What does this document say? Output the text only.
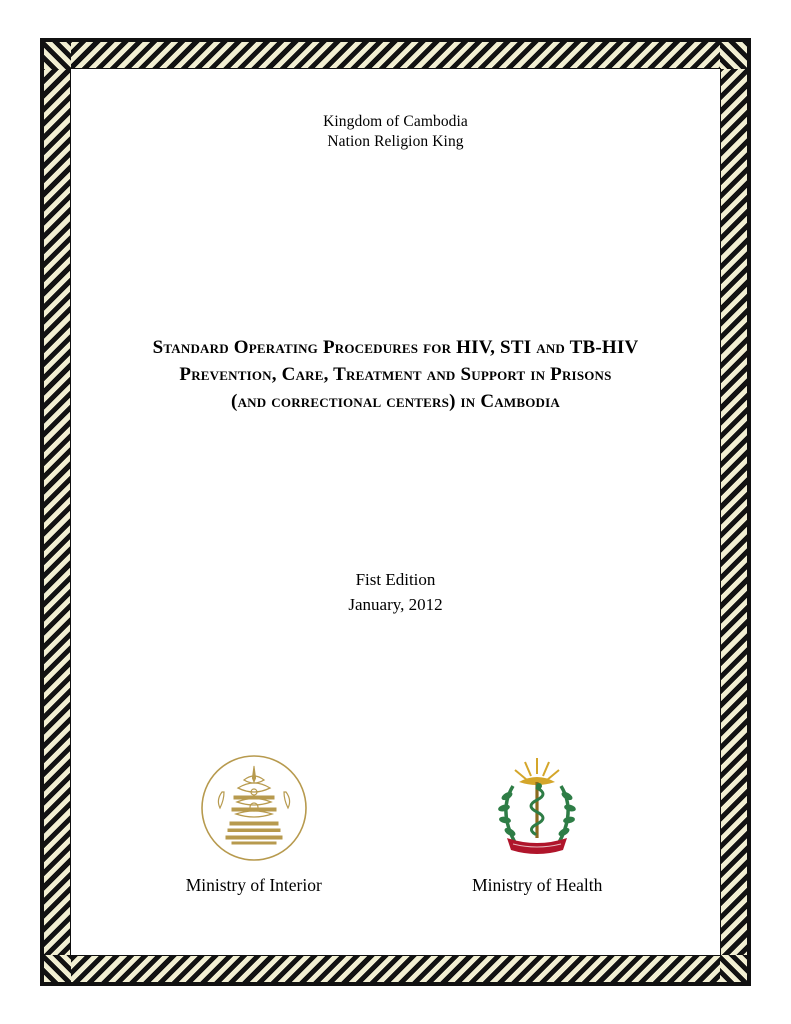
Kingdom of Cambodia
Nation Religion King
Standard Operating Procedures for HIV, STI and TB-HIV
Prevention, Care, Treatment and Support in Prisons
(and correctional centers) in Cambodia
Fist Edition
January, 2012
Ministry of Interior	Ministry of Health
